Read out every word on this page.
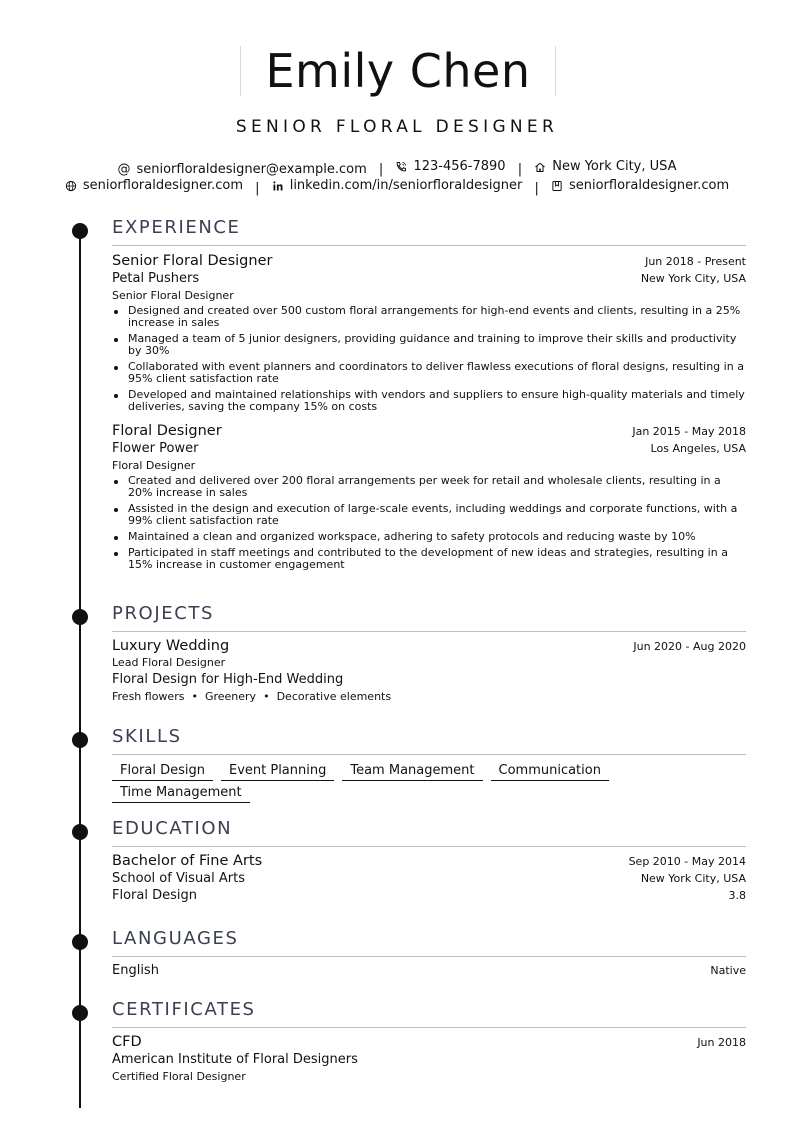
Emily Chen
SENIOR FLORAL DESIGNER
@ seniorfloraldesigner@example.com | 123-456-7890 | New York City, USA
seniorfloraldesigner.com | linkedin.com/in/seniorfloraldesigner | seniorfloraldesigner.com
EXPERIENCE
Senior Floral Designer	Jun 2018 - Present
Petal Pushers	New York City, USA
Senior Floral Designer
Designed and created over 500 custom floral arrangements for high-end events and clients, resulting in a 25% increase in sales
Managed a team of 5 junior designers, providing guidance and training to improve their skills and productivity by 30%
Collaborated with event planners and coordinators to deliver flawless executions of floral designs, resulting in a 95% client satisfaction rate
Developed and maintained relationships with vendors and suppliers to ensure high-quality materials and timely deliveries, saving the company 15% on costs
Floral Designer	Jan 2015 - May 2018
Flower Power	Los Angeles, USA
Floral Designer
Created and delivered over 200 floral arrangements per week for retail and wholesale clients, resulting in a 20% increase in sales
Assisted in the design and execution of large-scale events, including weddings and corporate functions, with a 99% client satisfaction rate
Maintained a clean and organized workspace, adhering to safety protocols and reducing waste by 10%
Participated in staff meetings and contributed to the development of new ideas and strategies, resulting in a 15% increase in customer engagement
PROJECTS
Luxury Wedding	Jun 2020 - Aug 2020
Lead Floral Designer
Floral Design for High-End Wedding
Fresh flowers • Greenery • Decorative elements
SKILLS
Floral Design	Event Planning	Team Management	Communication
Time Management
EDUCATION
Bachelor of Fine Arts	Sep 2010 - May 2014
School of Visual Arts	New York City, USA
Floral Design	3.8
LANGUAGES
English	Native
CERTIFICATES
CFD	Jun 2018
American Institute of Floral Designers
Certified Floral Designer
